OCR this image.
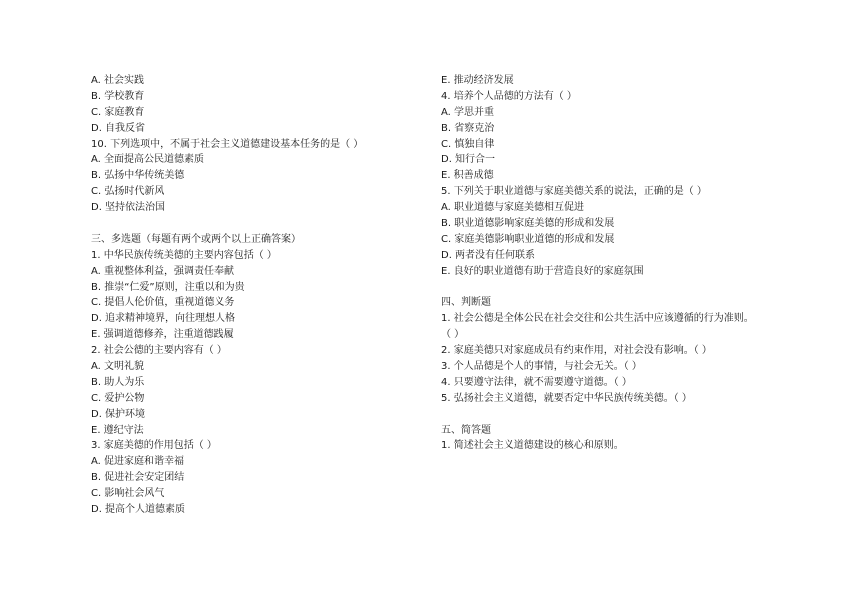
A. 社会实践
B. 学校教育
C. 家庭教育
D. 自我反省
10. 下列选项中，不属于社会主义道德建设基本任务的是（ ）
A. 全面提高公民道德素质
B. 弘扬中华传统美德
C. 弘扬时代新风
D. 坚持依法治国
三、多选题（每题有两个或两个以上正确答案）
1. 中华民族传统美德的主要内容包括（ ）
A. 重视整体利益，强调责任奉献
B. 推崇“仁爱”原则，注重以和为贵
C. 提倡人伦价值，重视道德义务
D. 追求精神境界，向往理想人格
E. 强调道德修养，注重道德践履
2. 社会公德的主要内容有（ ）
A. 文明礼貌
B. 助人为乐
C. 爱护公物
D. 保护环境
E. 遵纪守法
3. 家庭美德的作用包括（ ）
A. 促进家庭和谐幸福
B. 促进社会安定团结
C. 影响社会风气
D. 提高个人道德素质
E. 推动经济发展
4. 培养个人品德的方法有（ ）
A. 学思并重
B. 省察克治
C. 慎独自律
D. 知行合一
E. 积善成德
5. 下列关于职业道德与家庭美德关系的说法，正确的是（ ）
A. 职业道德与家庭美德相互促进
B. 职业道德影响家庭美德的形成和发展
C. 家庭美德影响职业道德的形成和发展
D. 两者没有任何联系
E. 良好的职业道德有助于营造良好的家庭氛围
四、判断题
1. 社会公德是全体公民在社会交往和公共生活中应该遵循的行为准则。
（ ）
2. 家庭美德只对家庭成员有约束作用，对社会没有影响。（ ）
3. 个人品德是个人的事情，与社会无关。（ ）
4. 只要遵守法律，就不需要遵守道德。（ ）
5. 弘扬社会主义道德，就要否定中华民族传统美德。（ ）
五、简答题
1. 简述社会主义道德建设的核心和原则。
